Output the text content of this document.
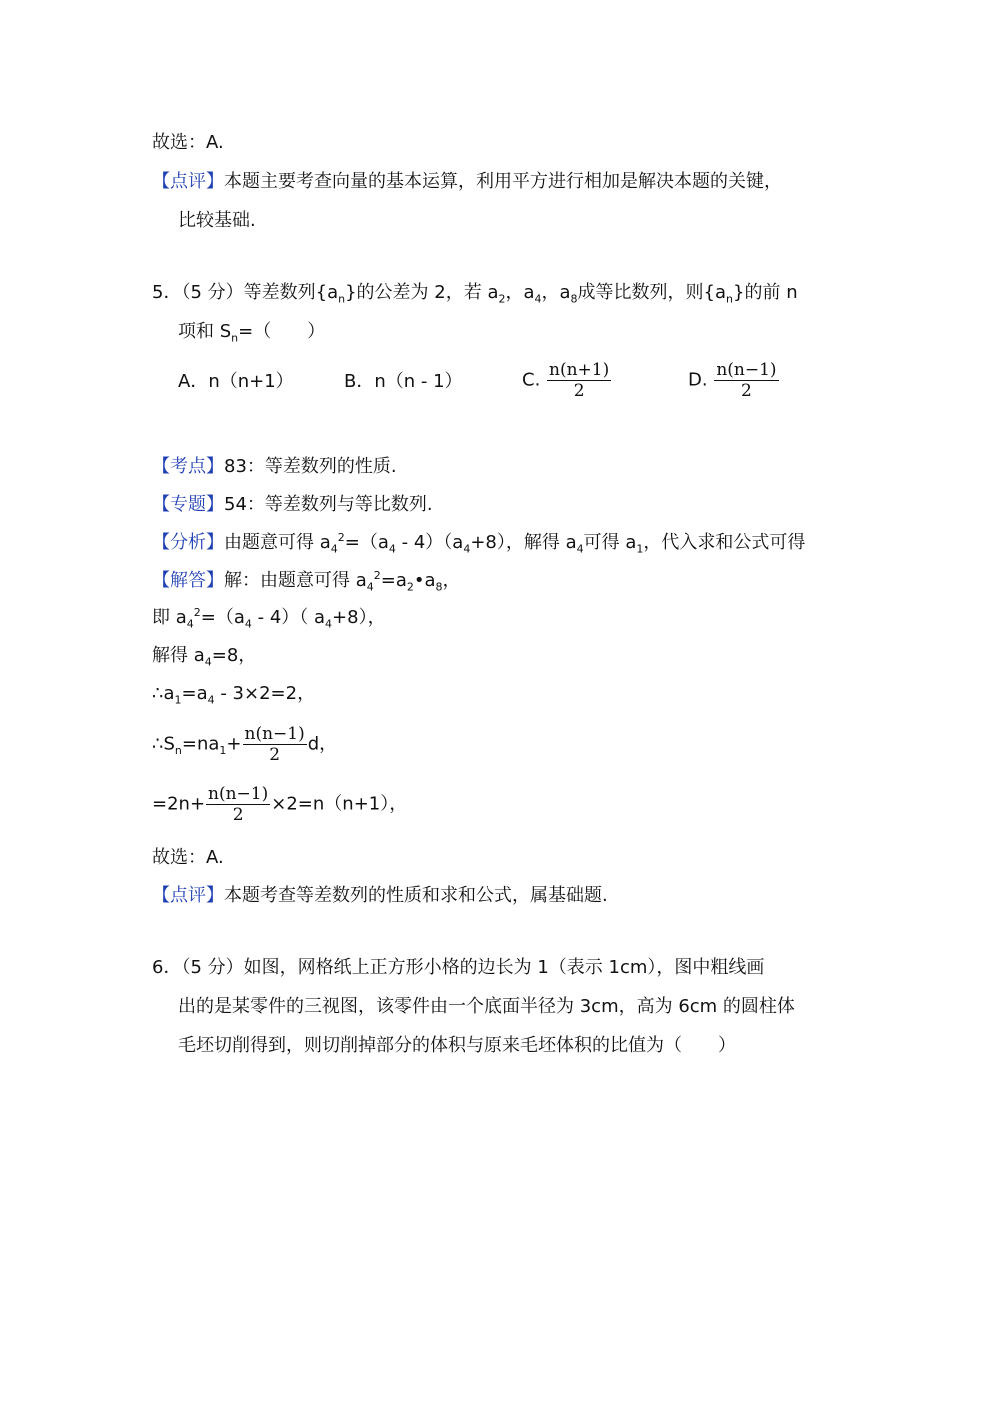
故选：A.
【点评】本题主要考查向量的基本运算，利用平方进行相加是解决本题的关键，
比较基础.
5．（5 分）等差数列$\{a_n\}$的公差为 2，若 $a_2$，$a_4$，$a_8$成等比数列，则$\{a_n\}$的前 n
项和 $S_n=$（　　）
A．n（n+1）	B．n（n - 1）	C. $\frac{n(n+1)}{2}$	D. $\frac{n(n-1)}{2}$
【考点】83：等差数列的性质.
【专题】54：等差数列与等比数列.
【分析】由题意可得 $a_4^2=(a_4 - 4)(a_4+8)$，解得 $a_4$可得 $a_1$，代入求和公式可得
【解答】解：由题意可得 $a_4^2=a_2•a_8$，
即 $a_4^2=(a_4 - 4)$（ $a_4+8$），
解得 $a_4=8$，
$\therefore a_1=a_4 - 3\times 2=2$，
$\therefore S_n=na_1+ \frac{n(n-1)}{2}$ d，
$=2n+ \frac{n(n-1)}{2} \times 2=n(n+1)$，
故选：A.
【点评】本题考查等差数列的性质和求和公式，属基础题.
6．（5 分）如图，网格纸上正方形小格的边长为 1（表示 1cm），图中粗线画
出的是某零件的三视图，该零件由一个底面半径为 3cm，高为 6cm 的圆柱体
毛坯切削得到，则切削掉部分的体积与原来毛坯体积的比值为（　　）
